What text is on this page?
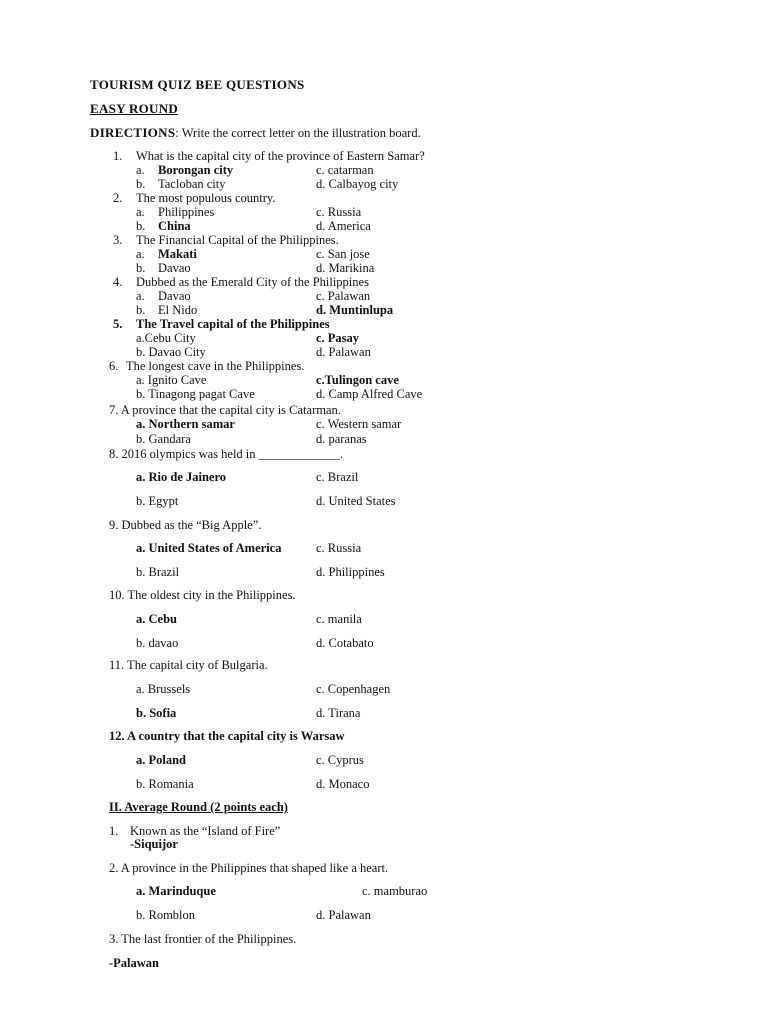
TOURISM QUIZ BEE QUESTIONS
EASY ROUND
DIRECTIONS: Write the correct letter on the illustration board.
1. What is the capital city of the province of Eastern Samar?
a. Borongan city	c. catarman
b. Tacloban city	d. Calbayog city
2. The most populous country.
a. Philippines	c. Russia
b. China	d. America
3. The Financial Capital of the Philippines.
a. Makati	c. San jose
b. Davao	d. Marikina
4. Dubbed as the Emerald City of the Philippines
a. Davao	c. Palawan
b. El Nido	d. Muntinlupa
5. The Travel capital of the Philippines
a.Cebu City	c. Pasay
b. Davao City	d. Palawan
6. The longest cave in the Philippines.
a. Ignito Cave	c.Tulingon cave
b. Tinagong pagat Cave	d. Camp Alfred Cave
7. A province that the capital city is Catarman.
a. Northern samar	c. Western samar
b. Gandara	d. paranas
8. 2016 olympics was held in _____________.
a. Rio de Jainero	c. Brazil
b. Egypt	d. United States
9. Dubbed as the “Big Apple”.
a. United States of America	c. Russia
b. Brazil	d. Philippines
10. The oldest city in the Philippines.
a. Cebu	c. manila
b. davao	d. Cotabato
11. The capital city of Bulgaria.
a. Brussels	c. Copenhagen
b. Sofia	d. Tirana
12. A country that the capital city is Warsaw
a. Poland	c. Cyprus
b. Romania	d. Monaco
II. Average Round (2 points each)
1. Known as the “Island of Fire”
-Siquijor
2. A province in the Philippines that shaped like a heart.
a. Marinduque	c. mamburao
b. Romblon	d. Palawan
3. The last frontier of the Philippines.
-Palawan
